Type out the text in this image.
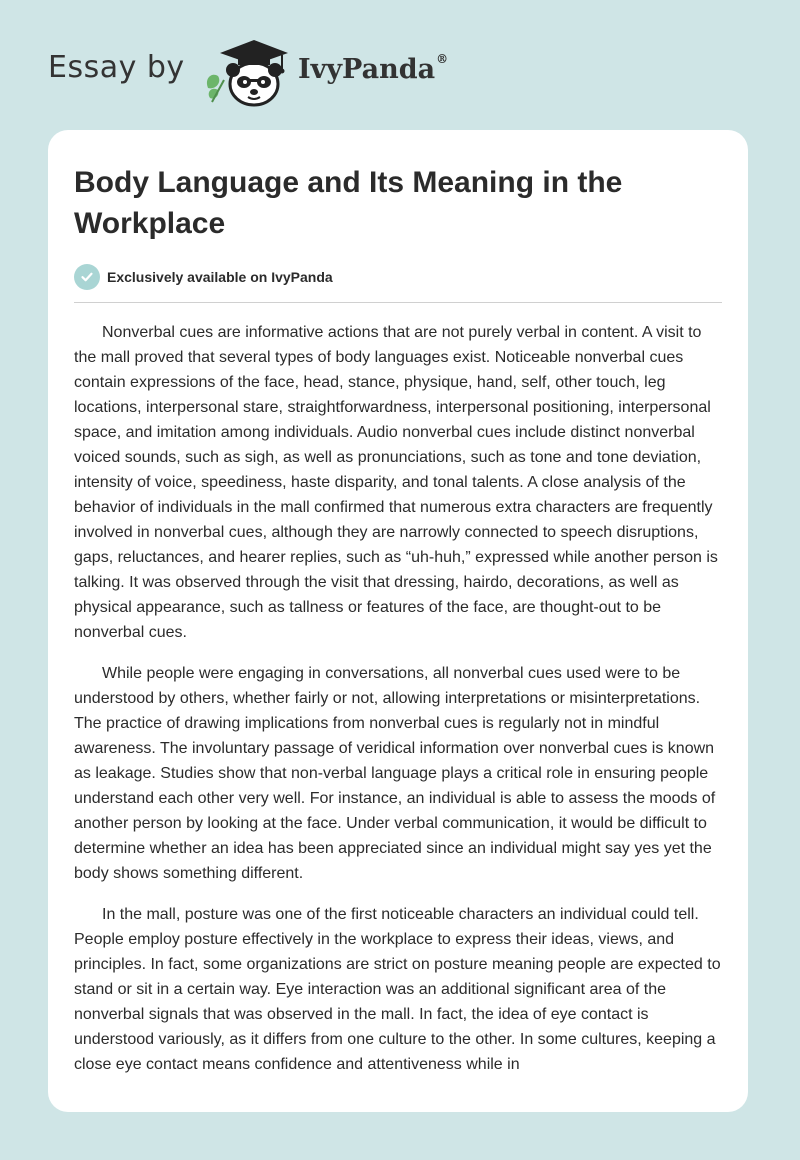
Essay by	IvyPanda®
Body Language and Its Meaning in the Workplace
Exclusively available on IvyPanda

Nonverbal cues are informative actions that are not purely verbal in content. A visit to the mall proved that several types of body languages exist. Noticeable nonverbal cues contain expressions of the face, head, stance, physique, hand, self, other touch, leg locations, interpersonal stare, straightforwardness, interpersonal positioning, interpersonal space, and imitation among individuals. Audio nonverbal cues include distinct nonverbal voiced sounds, such as sigh, as well as pronunciations, such as tone and tone deviation, intensity of voice, speediness, haste disparity, and tonal talents. A close analysis of the behavior of individuals in the mall confirmed that numerous extra characters are frequently involved in nonverbal cues, although they are narrowly connected to speech disruptions, gaps, reluctances, and hearer replies, such as “uh-huh,” expressed while another person is talking. It was observed through the visit that dressing, hairdo, decorations, as well as physical appearance, such as tallness or features of the face, are thought-out to be nonverbal cues.

While people were engaging in conversations, all nonverbal cues used were to be understood by others, whether fairly or not, allowing interpretations or misinterpretations. The practice of drawing implications from nonverbal cues is regularly not in mindful awareness. The involuntary passage of veridical information over nonverbal cues is known as leakage. Studies show that non-verbal language plays a critical role in ensuring people understand each other very well. For instance, an individual is able to assess the moods of another person by looking at the face. Under verbal communication, it would be difficult to determine whether an idea has been appreciated since an individual might say yes yet the body shows something different.

In the mall, posture was one of the first noticeable characters an individual could tell. People employ posture effectively in the workplace to express their ideas, views, and principles. In fact, some organizations are strict on posture meaning people are expected to stand or sit in a certain way. Eye interaction was an additional significant area of the nonverbal signals that was observed in the mall. In fact, the idea of eye contact is understood variously, as it differs from one culture to the other. In some cultures, keeping a close eye contact means confidence and attentiveness while in
